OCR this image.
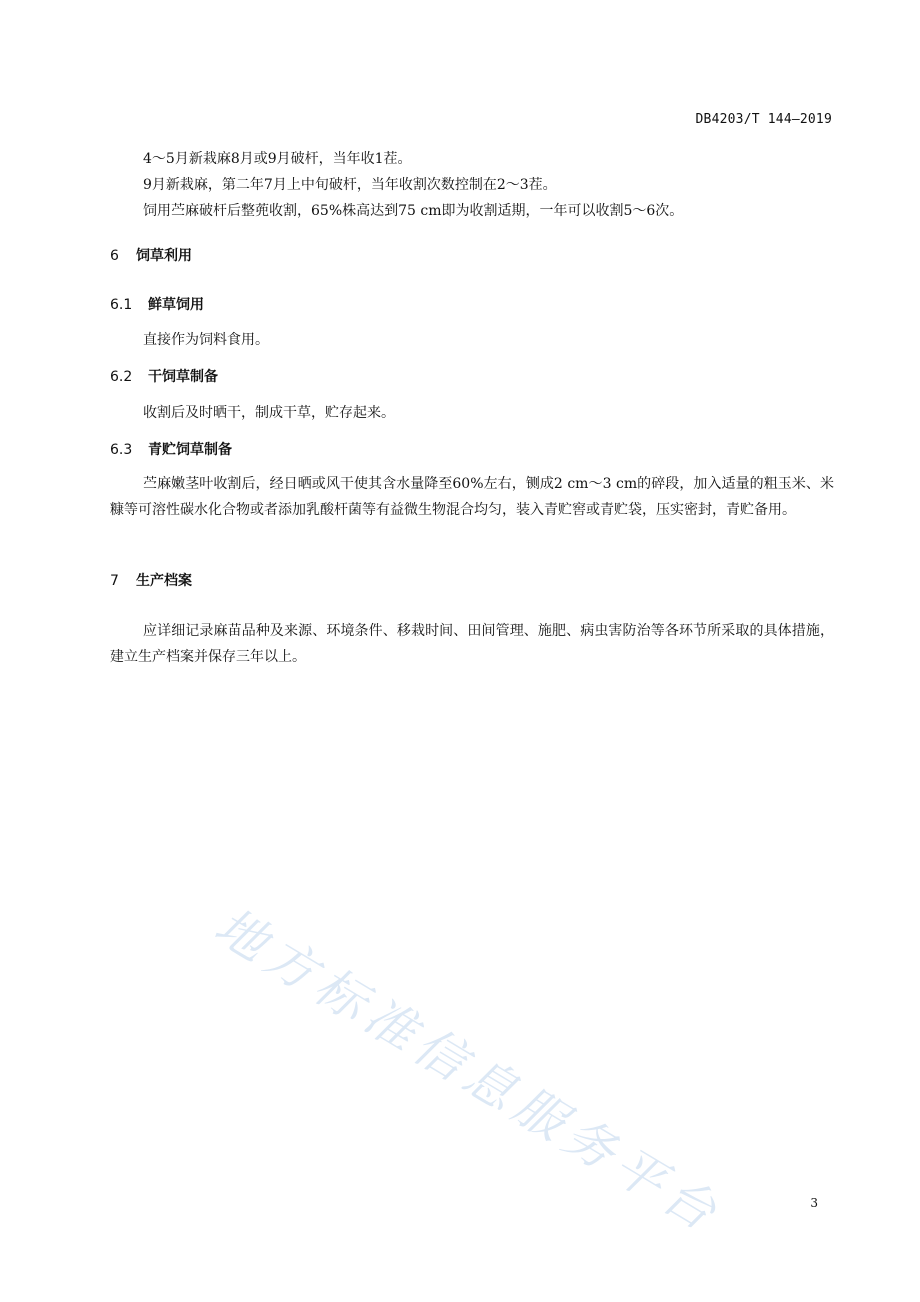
DB4203/T 144—2019

4～5月新栽麻8月或9月破杆，当年收1茬。

9月新栽麻，第二年7月上中旬破杆，当年收割次数控制在2～3茬。

饲用苎麻破杆后整蔸收割，65%株高达到75 cm即为收割适期，一年可以收割5～6次。

6 饲草利用
6.1 鲜草饲用

直接作为饲料食用。

6.2 干饲草制备

收割后及时晒干，制成干草，贮存起来。

6.3 青贮饲草制备

苎麻嫩茎叶收割后，经日晒或风干使其含水量降至60%左右，铡成2 cm～3 cm的碎段，加入适量的粗玉米、米糠等可溶性碳水化合物或者添加乳酸杆菌等有益微生物混合均匀，装入青贮窖或青贮袋，压实密封，青贮备用。

7 生产档案

应详细记录麻苗品种及来源、环境条件、移栽时间、田间管理、施肥、病虫害防治等各环节所采取的具体措施，建立生产档案并保存三年以上。

地方标准信息服务平台	3
